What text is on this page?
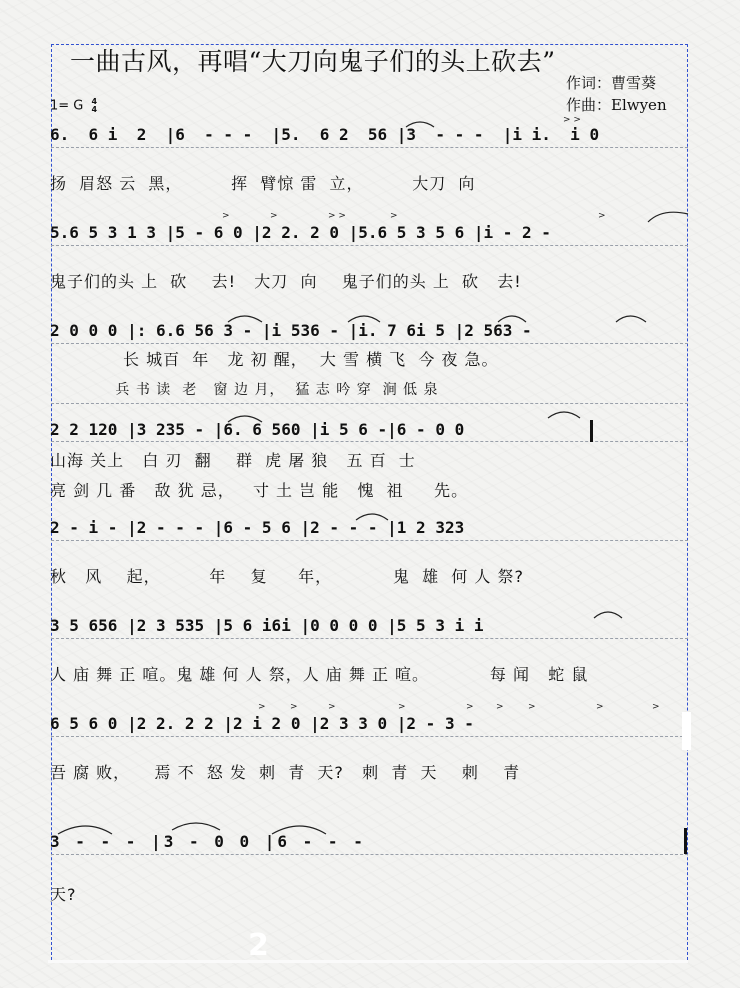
一曲古风，再唱“大刀向鬼子们的头上砍去”
作词：曹雪葵
作曲：Elwyen
1= G 4
4
6.  6 i  2  |6  - - -  |5.  6 2  56 |3  - - -  |i i.  i 0
扬  眉怒 云  黑，        挥  臂惊 雷  立，        大刀  向
5.6 5 3 1 3 |5 - 6 0 |2 2. 2 0 |5.6 5 3 5 6 |i - 2 -
鬼子们的头 上  砍    去!   大刀  向    鬼子们的头 上  砍   去!
2 0 0 0 |: 6.6 56 3 - |i 536 - |i. 7 6i 5 |2 563 -
长 城百  年   龙 初 醒，  大 雪 横 飞  今 夜 急。
兵 书 读  老   窗 边 月，  猛 志 吟 穿  涧 低 泉
2 2 120 |3 235 - |6. 6 560 |i 5 6 -|6 - 0 0
山海 关上   白 刃  翻    群  虎 屠 狼   五 百  士
亮 剑 几 番   敌 犹 忌，   寸 土 岂 能   愧  祖     先。
2 - i - |2 - - - |6 - 5 6 |2 - - - |1 2 323
秋   风    起，        年    复     年，          鬼  雄  何 人 祭?
3 5 656 |2 3 535 |5 6 i6i |0 0 0 0 |5 5 3 i i
人 庙 舞 正 喧。鬼 雄 何 人 祭，人 庙 舞 正 喧。          每 闻   蛇 鼠
6 5 6 0 |2 2. 2 2 |2 i 2 0 |2 3 3 0 |2 - 3 -
吾 腐 败，    焉 不  怒 发  刺  青  天?   刺  青  天    刺    青
3 - - - |3 - 0 0 |6 - - -
天?
> >
>	>	> >	>	>
>	>	>	>	> >	>	>	>
2
